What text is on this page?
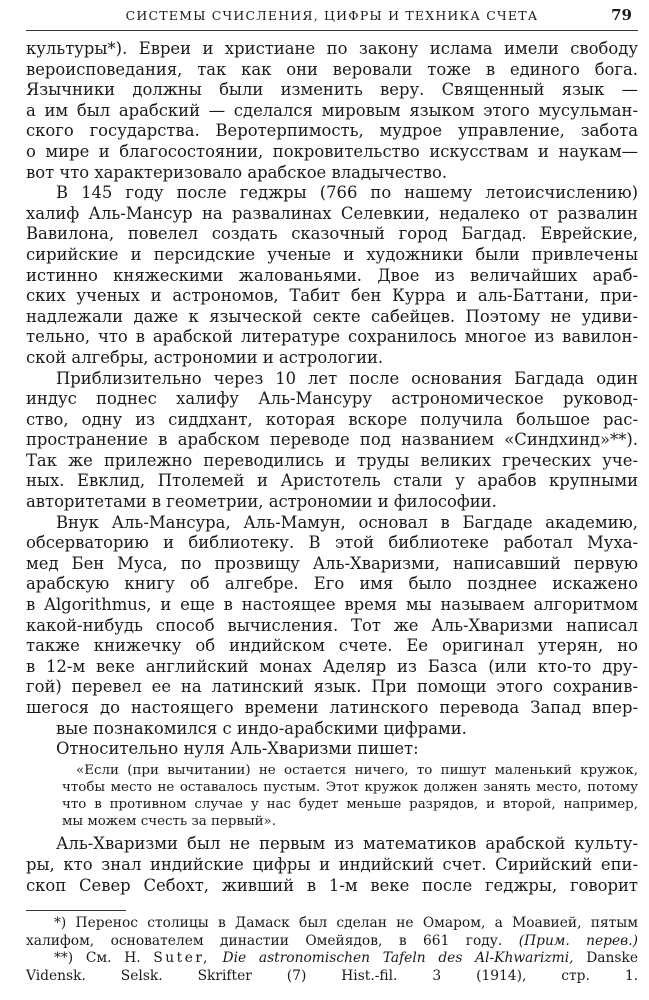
СИСТЕМЫ СЧИСЛЕНИЯ, ЦИФРЫ И ТЕХНИКА СЧЕТА	79

культуры*). Евреи и христиане по закону ислама имели свободу
вероисповедания, так как они веровали тоже в единого бога.
Язычники должны были изменить веру. Священный язык —
а им был арабский — сделался мировым языком этого мусульман-
ского государства. Веротерпимость, мудрое управление, забота
о мире и благосостоянии, покровительство искусствам и наукам—
вот что характеризовало арабское владычество.

В 145 году после геджры (766 по нашему летоисчислению)
халиф Аль-Мансур на развалинах Селевкии, недалеко от развалин
Вавилона, повелел создать сказочный город Багдад. Еврейские,
сирийские и персидские ученые и художники были привлечены
истинно княжескими жалованьями. Двое из величайших араб-
ских ученых и астрономов, Табит бен Курра и аль-Баттани, при-
надлежали даже к языческой секте сабейцев. Поэтому не удиви-
тельно, что в арабской литературе сохранилось многое из вавилон-
ской алгебры, астрономии и астрологии.

Приблизительно через 10 лет после основания Багдада один
индус поднес халифу Аль-Мансуру астрономическое руковод-
ство, одну из сиддхант, которая вскоре получила большое рас-
пространение в арабском переводе под названием «Синдхинд»**).
Так же прилежно переводились и труды великих греческих уче-
ных. Евклид, Птолемей и Аристотель стали у арабов крупными
авторитетами в геометрии, астрономии и философии.

Внук Аль-Мансура, Аль-Мамун, основал в Багдаде академию,
обсерваторию и библиотеку. В этой библиотеке работал Муха-
мед Бен Муса, по прозвищу Аль-Хваризми, написавший первую
арабскую книгу об алгебре. Его имя было позднее искажено
в Algorithmus, и еще в настоящее время мы называем алгоритмом
какой-нибудь способ вычисления. Тот же Аль-Хваризми написал
также книжечку об индийском счете. Ее оригинал утерян, но
в 12-м веке английский монах Аделяр из Базса (или кто-то дру-
гой) перевел ее на латинский язык. При помощи этого сохранив-
шегося до настоящего времени латинского перевода Запад впер-
вые познакомился с индо-арабскими цифрами.

Относительно нуля Аль-Хваризми пишет:

«Если (при вычитании) не остается ничего, то пишут маленький кружок,
чтобы место не оставалось пустым. Этот кружок должен занять место, потому
что в противном случае у нас будет меньше разрядов, и второй, например,
мы можем счесть за первый».

Аль-Хваризми был не первым из математиков арабской культу-
ры, кто знал индийские цифры и индийский счет. Сирийский епи-
скоп Север Себохт, живший в 1-м веке после геджры, говорит

*) Перенос столицы в Дамаск был сделан не Омаром, а Моавией, пятым
халифом, основателем династии Омейядов, в 661 году. (Прим. перев.)

**) См. H. Suter, Die astronomischen Tafeln des Al-Khwarizmi, Danske
Vidensk. Selsk. Skrifter (7) Hist.-fil. 3 (1914), стр. 1.
